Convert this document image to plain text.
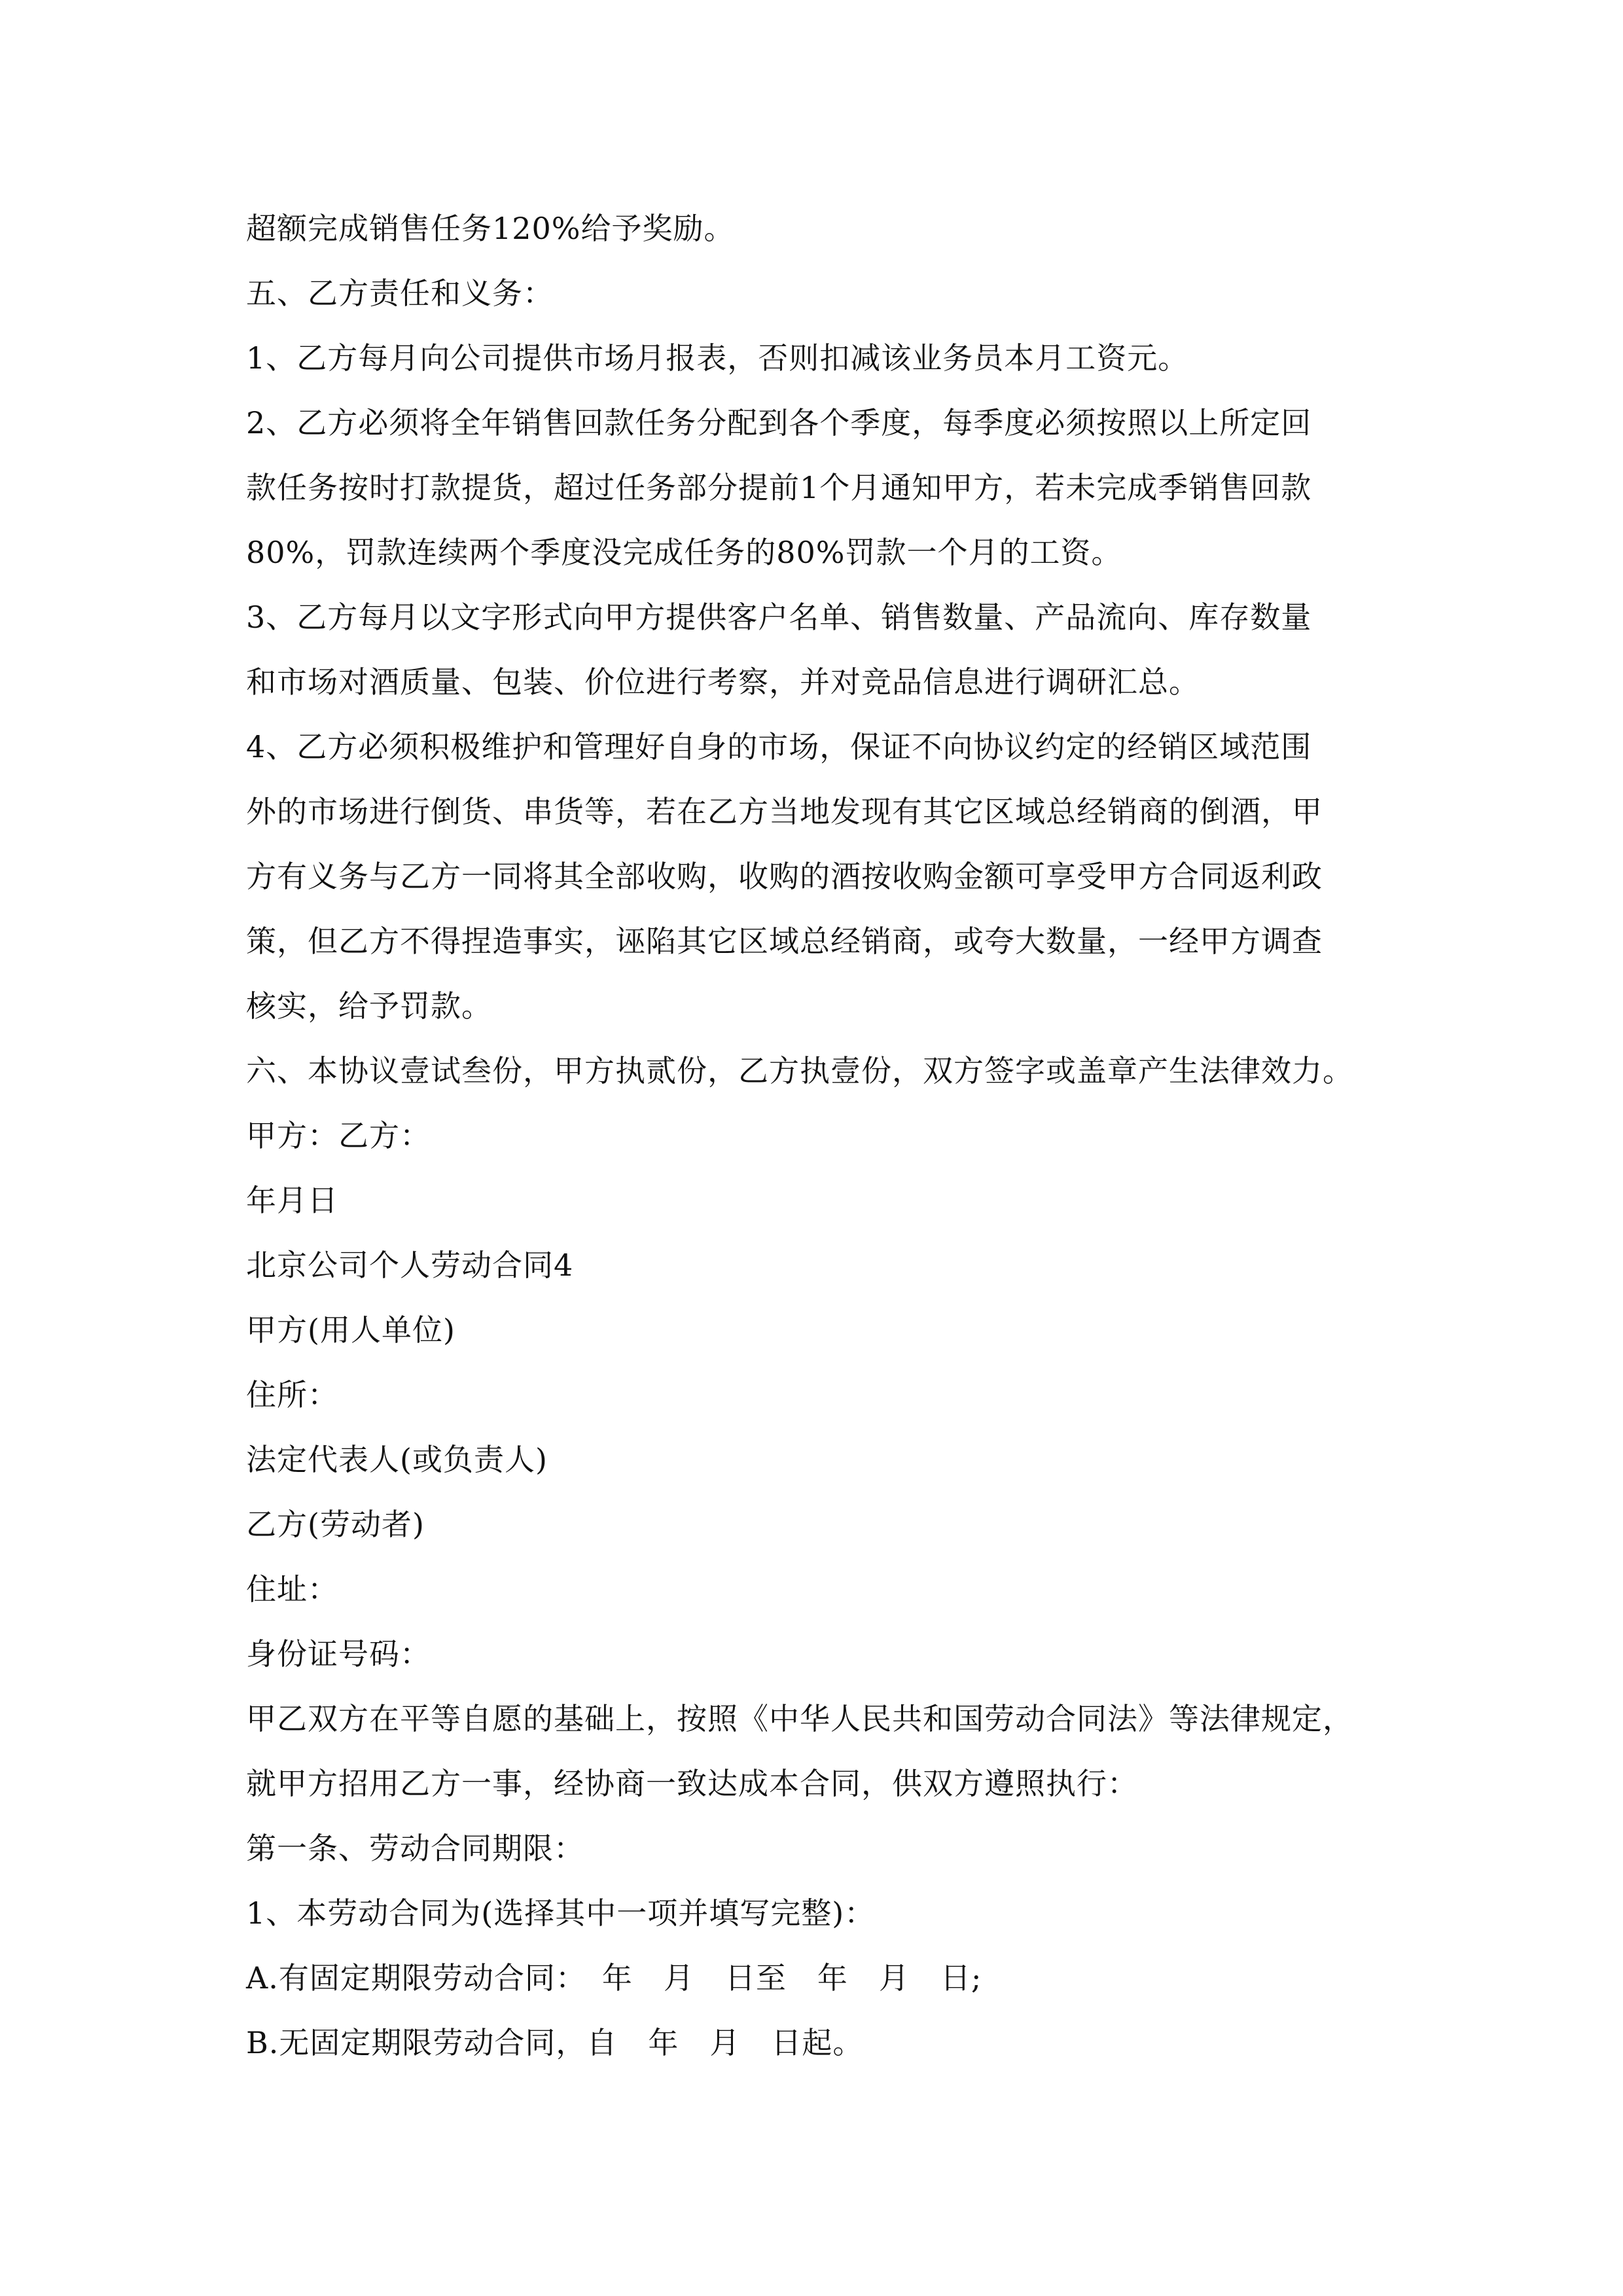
超额完成销售任务120%给予奖励。
五、乙方责任和义务：
1、乙方每月向公司提供市场月报表，否则扣减该业务员本月工资元。
2、乙方必须将全年销售回款任务分配到各个季度，每季度必须按照以上所定回
款任务按时打款提货，超过任务部分提前1个月通知甲方，若未完成季销售回款
80%，罚款连续两个季度没完成任务的80%罚款一个月的工资。
3、乙方每月以文字形式向甲方提供客户名单、销售数量、产品流向、库存数量
和市场对酒质量、包装、价位进行考察，并对竞品信息进行调研汇总。
4、乙方必须积极维护和管理好自身的市场，保证不向协议约定的经销区域范围
外的市场进行倒货、串货等，若在乙方当地发现有其它区域总经销商的倒酒，甲
方有义务与乙方一同将其全部收购，收购的酒按收购金额可享受甲方合同返利政
策，但乙方不得捏造事实，诬陷其它区域总经销商，或夸大数量，一经甲方调查
核实，给予罚款。
六、本协议壹试叁份，甲方执贰份，乙方执壹份，双方签字或盖章产生法律效力。
甲方：乙方：
年月日
北京公司个人劳动合同4
甲方(用人单位)
住所：
法定代表人(或负责人)
乙方(劳动者)
住址：
身份证号码：
甲乙双方在平等自愿的基础上，按照《中华人民共和国劳动合同法》等法律规定，
就甲方招用乙方一事，经协商一致达成本合同，供双方遵照执行：
第一条、劳动合同期限：
1、本劳动合同为(选择其中一项并填写完整)：
A.有固定期限劳动合同：　年　月　日至　年　月　日;
B.无固定期限劳动合同，自　年　月　日起。
